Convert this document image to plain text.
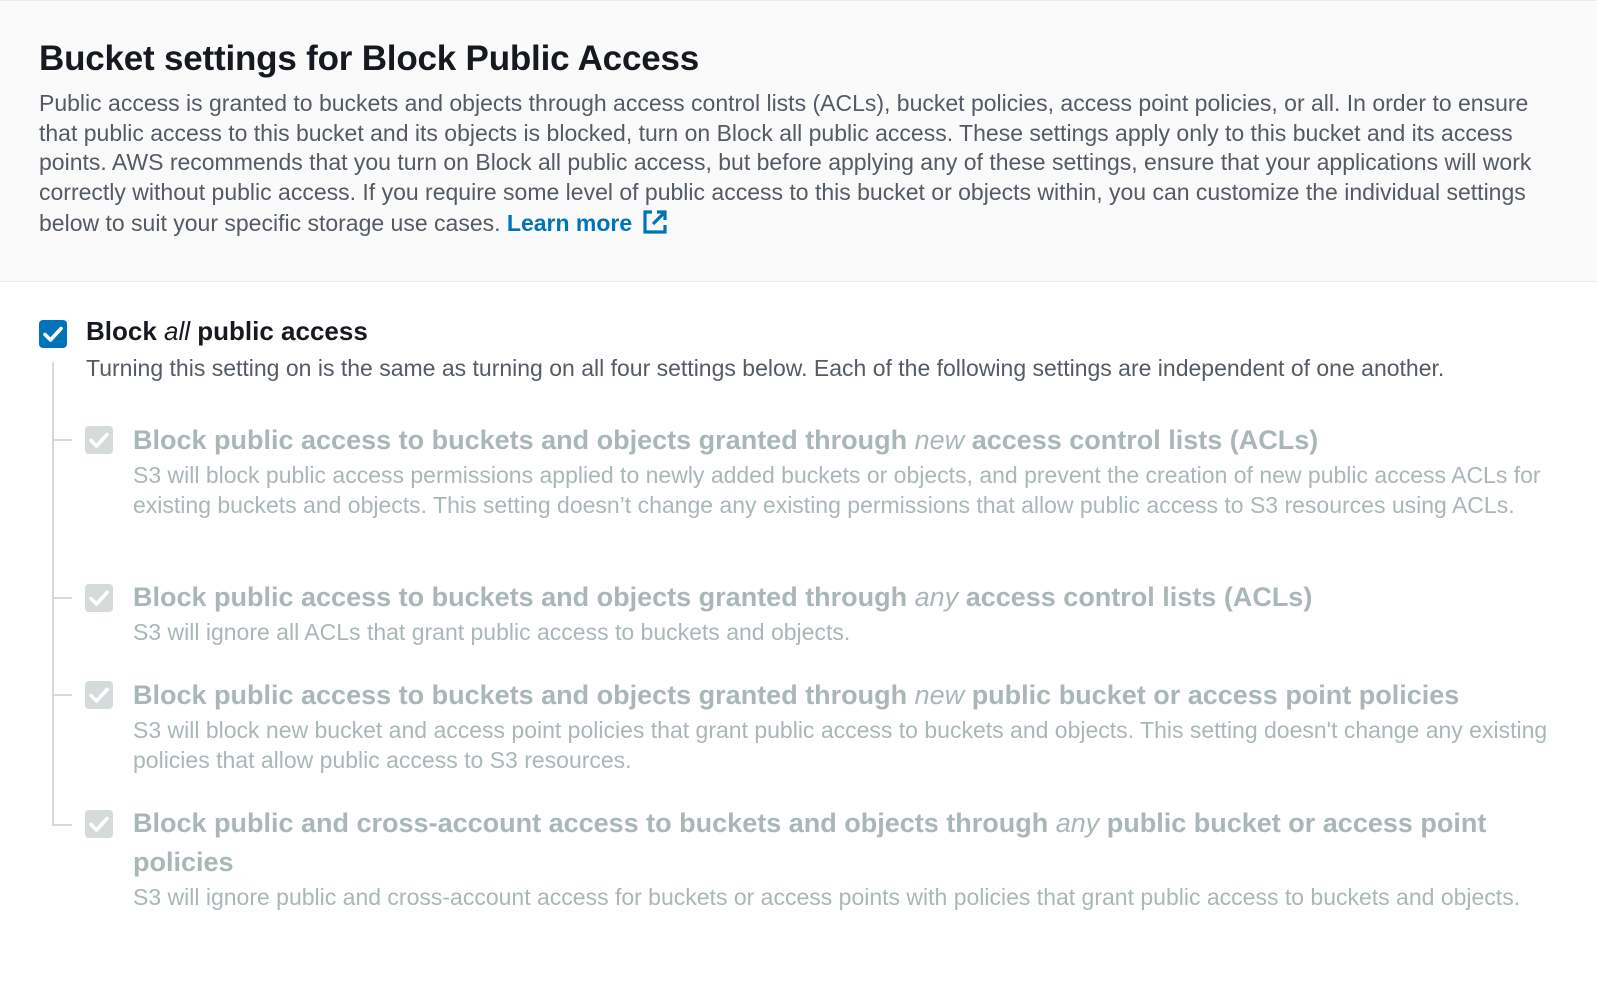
Bucket settings for Block Public Access

Public access is granted to buckets and objects through access control lists (ACLs), bucket policies, access point policies, or all. In order to ensure that public access to this bucket and its objects is blocked, turn on Block all public access. These settings apply only to this bucket and its access points. AWS recommends that you turn on Block all public access, but before applying any of these settings, ensure that your applications will work correctly without public access. If you require some level of public access to this bucket or objects within, you can customize the individual settings below to suit your specific storage use cases. Learn more

Block all public access

Turning this setting on is the same as turning on all four settings below. Each of the following settings are independent of one another.

Block public access to buckets and objects granted through new access control lists (ACLs)

S3 will block public access permissions applied to newly added buckets or objects, and prevent the creation of new public access ACLs for existing buckets and objects. This setting doesn’t change any existing permissions that allow public access to S3 resources using ACLs.

Block public access to buckets and objects granted through any access control lists (ACLs)

S3 will ignore all ACLs that grant public access to buckets and objects.

Block public access to buckets and objects granted through new public bucket or access point policies

S3 will block new bucket and access point policies that grant public access to buckets and objects. This setting doesn't change any existing policies that allow public access to S3 resources.

Block public and cross-account access to buckets and objects through any public bucket or access point policies

S3 will ignore public and cross-account access for buckets or access points with policies that grant public access to buckets and objects.
